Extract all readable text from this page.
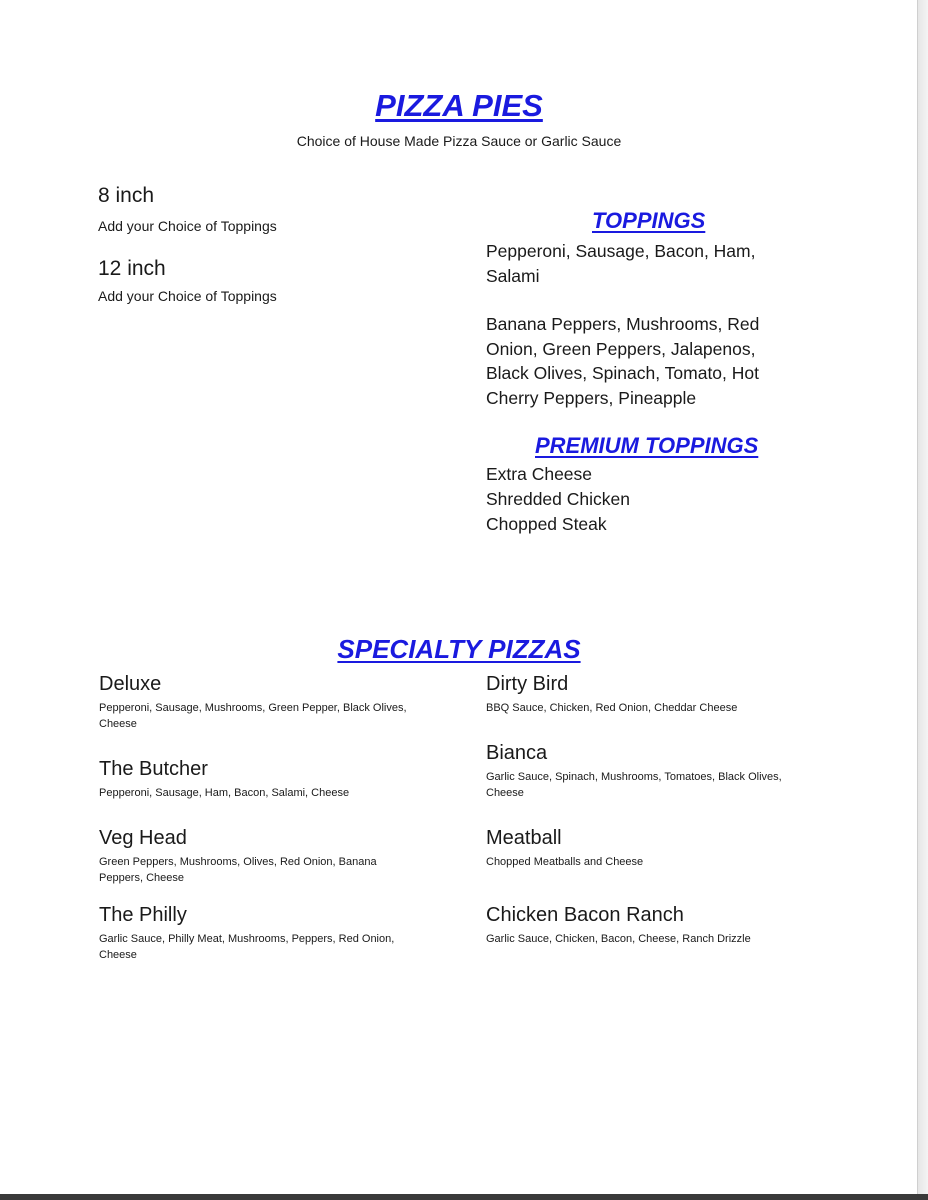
PIZZA PIES
Choice of House Made Pizza Sauce or Garlic Sauce
8 inch
Add your Choice of Toppings
12 inch
Add your Choice of Toppings
TOPPINGS
Pepperoni, Sausage, Bacon, Ham, Salami
Banana Peppers, Mushrooms, Red Onion, Green Peppers, Jalapenos, Black Olives, Spinach, Tomato, Hot Cherry Peppers, Pineapple
PREMIUM TOPPINGS
Extra Cheese
Shredded Chicken
Chopped Steak
SPECIALTY PIZZAS
Deluxe
Pepperoni, Sausage, Mushrooms, Green Pepper, Black Olives, Cheese
The Butcher
Pepperoni, Sausage, Ham, Bacon, Salami, Cheese
Veg Head
Green Peppers, Mushrooms, Olives, Red Onion, Banana Peppers, Cheese
The Philly
Garlic Sauce, Philly Meat, Mushrooms, Peppers, Red Onion, Cheese
Dirty Bird
BBQ Sauce, Chicken, Red Onion, Cheddar Cheese
Bianca
Garlic Sauce, Spinach, Mushrooms, Tomatoes, Black Olives, Cheese
Meatball
Chopped Meatballs and Cheese
Chicken Bacon Ranch
Garlic Sauce, Chicken, Bacon, Cheese, Ranch Drizzle
